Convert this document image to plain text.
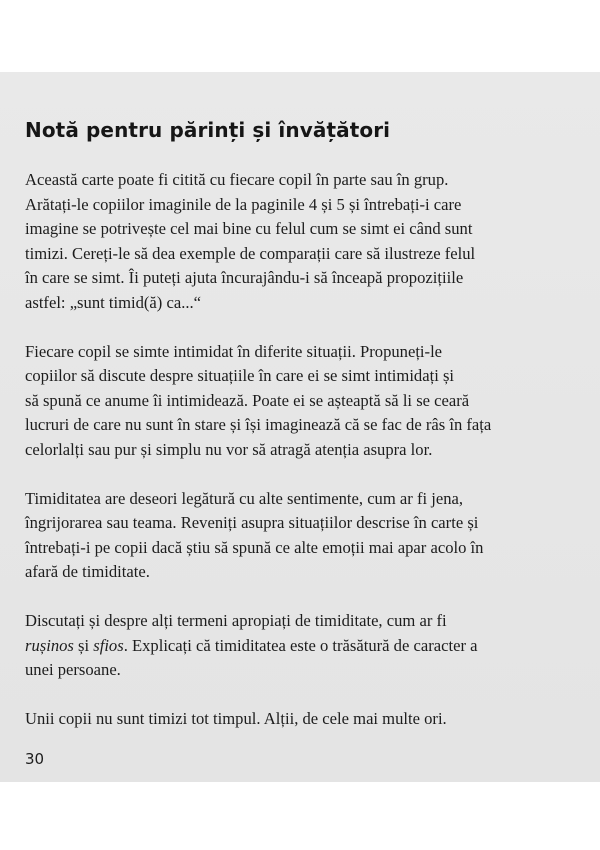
Notă pentru părinți și învățători

Această carte poate fi citită cu fiecare copil în parte sau în grup.
Arătați-le copiilor imaginile de la paginile 4 și 5 și întrebați-i care
imagine se potrivește cel mai bine cu felul cum se simt ei când sunt
timizi. Cereți-le să dea exemple de comparații care să ilustreze felul
în care se simt. Îi puteți ajuta încurajându-i să înceapă propozițiile
astfel: „sunt timid(ă) ca...“

Fiecare copil se simte intimidat în diferite situații. Propuneți-le
copiilor să discute despre situațiile în care ei se simt intimidați și
să spună ce anume îi intimidează. Poate ei se așteaptă să li se ceară
lucruri de care nu sunt în stare și își imaginează că se fac de râs în fața
celorlalți sau pur și simplu nu vor să atragă atenția asupra lor.

Timiditatea are deseori legătură cu alte sentimente, cum ar fi jena,
îngrijorarea sau teama. Reveniți asupra situațiilor descrise în carte și
întrebați-i pe copii dacă știu să spună ce alte emoții mai apar acolo în
afară de timiditate.

Discutați și despre alți termeni apropiați de timiditate, cum ar fi
rușinos și sfios. Explicați că timiditatea este o trăsătură de caracter a
unei persoane.

Unii copii nu sunt timizi tot timpul. Alții, de cele mai multe ori.

30
